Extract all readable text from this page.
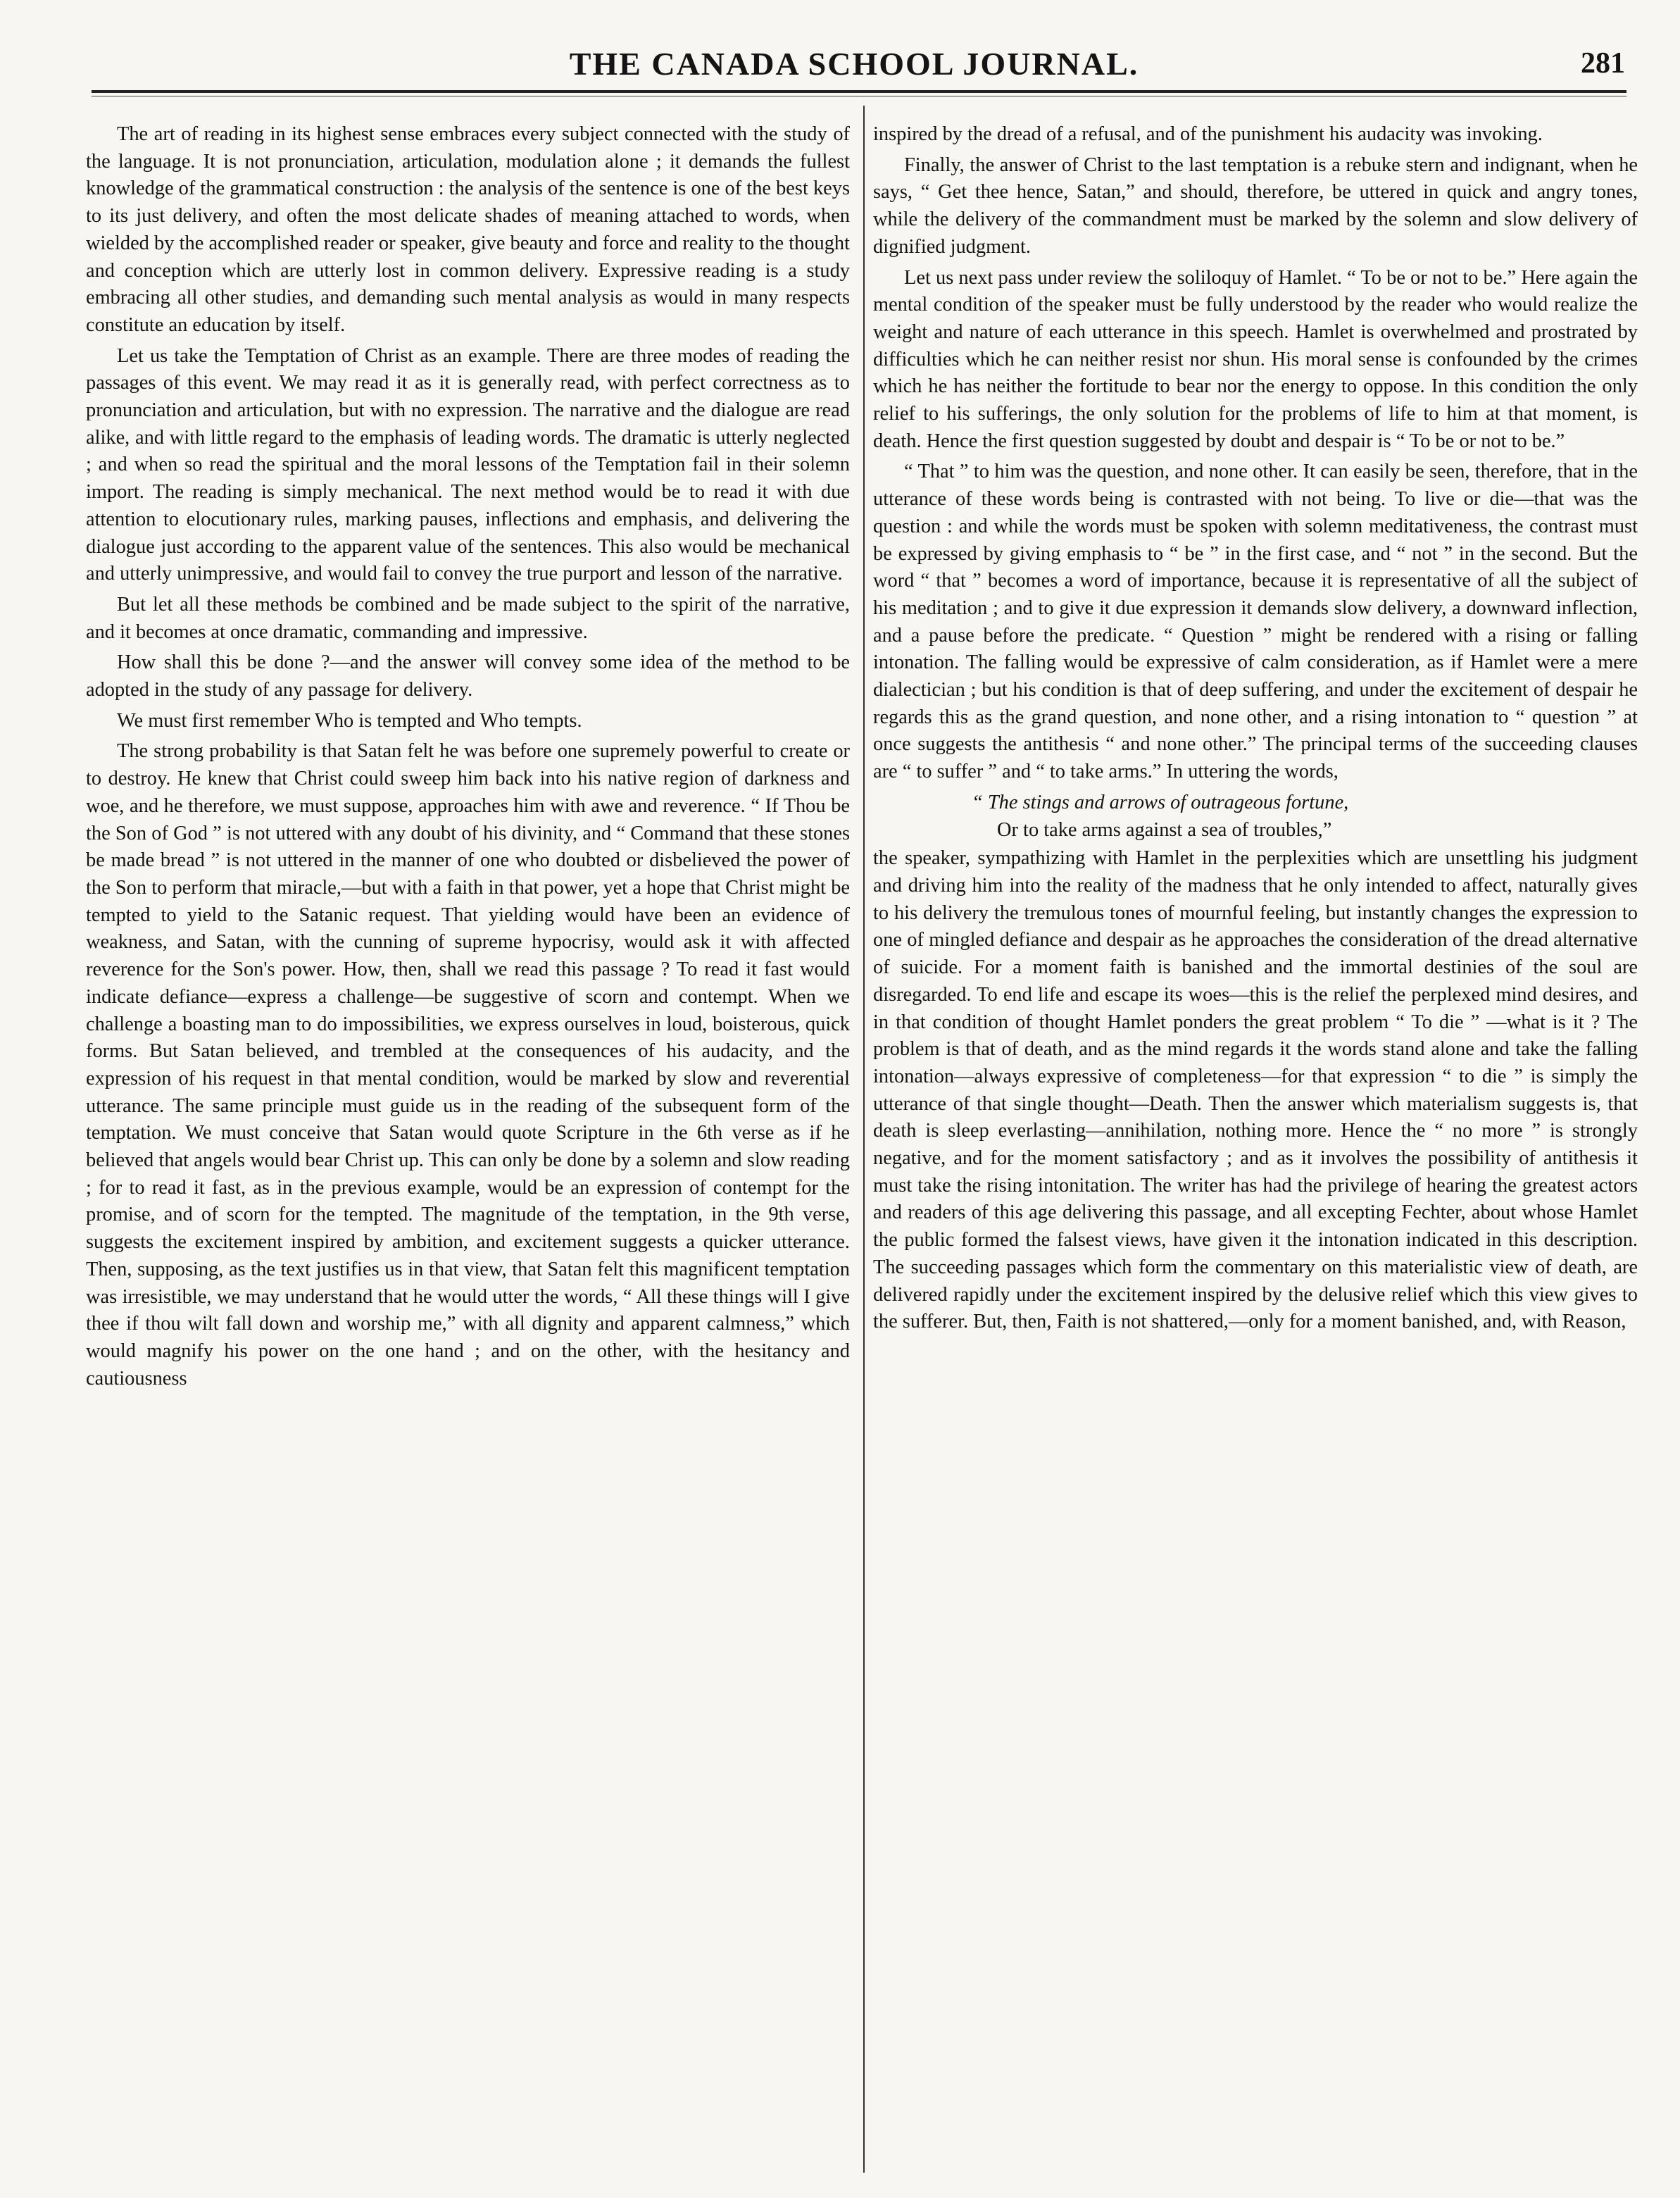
THE CANADA SCHOOL JOURNAL.	281

The art of reading in its highest sense embraces every subject connected with the study of the language. It is not pronunciation, articulation, modulation alone ; it demands the fullest knowledge of the grammatical construction : the analysis of the sentence is one of the best keys to its just delivery, and often the most delicate shades of meaning attached to words, when wielded by the accomplished reader or speaker, give beauty and force and reality to the thought and conception which are utterly lost in common delivery. Expressive reading is a study embracing all other studies, and demanding such mental analysis as would in many respects constitute an education by itself.

Let us take the Temptation of Christ as an example. There are three modes of reading the passages of this event. We may read it as it is generally read, with perfect correctness as to pronunciation and articulation, but with no expression. The narrative and the dialogue are read alike, and with little regard to the emphasis of leading words. The dramatic is utterly neglected ; and when so read the spiritual and the moral lessons of the Temptation fail in their solemn import. The reading is simply mechanical. The next method would be to read it with due attention to elocutionary rules, marking pauses, inflections and emphasis, and delivering the dialogue just according to the apparent value of the sentences. This also would be mechanical and utterly unimpressive, and would fail to convey the true purport and lesson of the narrative.

But let all these methods be combined and be made subject to the spirit of the narrative, and it becomes at once dramatic, commanding and impressive.

How shall this be done ?—and the answer will convey some idea of the method to be adopted in the study of any passage for delivery.

We must first remember Who is tempted and Who tempts.

The strong probability is that Satan felt he was before one supremely powerful to create or to destroy. He knew that Christ could sweep him back into his native region of darkness and woe, and he therefore, we must suppose, approaches him with awe and reverence. “ If Thou be the Son of God ” is not uttered with any doubt of his divinity, and “ Command that these stones be made bread ” is not uttered in the manner of one who doubted or disbelieved the power of the Son to perform that miracle,—but with a faith in that power, yet a hope that Christ might be tempted to yield to the Satanic request. That yielding would have been an evidence of weakness, and Satan, with the cunning of supreme hypocrisy, would ask it with affected reverence for the Son's power. How, then, shall we read this passage ? To read it fast would indicate defiance—express a challenge—be suggestive of scorn and contempt. When we challenge a boasting man to do impossibilities, we express ourselves in loud, boisterous, quick forms. But Satan believed, and trembled at the consequences of his audacity, and the expression of his request in that mental condition, would be marked by slow and reverential utterance. The same principle must guide us in the reading of the subsequent form of the temptation. We must conceive that Satan would quote Scripture in the 6th verse as if he believed that angels would bear Christ up. This can only be done by a solemn and slow reading ; for to read it fast, as in the previous example, would be an expression of contempt for the promise, and of scorn for the tempted. The magnitude of the temptation, in the 9th verse, suggests the excitement inspired by ambition, and excitement suggests a quicker utterance. Then, supposing, as the text justifies us in that view, that Satan felt this magnificent temptation was irresistible, we may understand that he would utter the words, “ All these things will I give thee if thou wilt fall down and worship me,” with all dignity and apparent calmness,” which would magnify his power on the one hand ; and on the other, with the hesitancy and cautiousness

inspired by the dread of a refusal, and of the punishment his audacity was invoking.

Finally, the answer of Christ to the last temptation is a rebuke stern and indignant, when he says, “ Get thee hence, Satan,” and should, therefore, be uttered in quick and angry tones, while the delivery of the commandment must be marked by the solemn and slow delivery of dignified judgment.

Let us next pass under review the soliloquy of Hamlet. “ To be or not to be.” Here again the mental condition of the speaker must be fully understood by the reader who would realize the weight and nature of each utterance in this speech. Hamlet is overwhelmed and prostrated by difficulties which he can neither resist nor shun. His moral sense is confounded by the crimes which he has neither the fortitude to bear nor the energy to oppose. In this condition the only relief to his sufferings, the only solution for the problems of life to him at that moment, is death. Hence the first question suggested by doubt and despair is “ To be or not to be.”

“ That ” to him was the question, and none other. It can easily be seen, therefore, that in the utterance of these words being is contrasted with not being. To live or die—that was the question : and while the words must be spoken with solemn meditativeness, the contrast must be expressed by giving emphasis to “ be ” in the first case, and “ not ” in the second. But the word “ that ” becomes a word of importance, because it is representative of all the subject of his meditation ; and to give it due expression it demands slow delivery, a downward inflection, and a pause before the predicate. “ Question ” might be rendered with a rising or falling intonation. The falling would be expressive of calm consideration, as if Hamlet were a mere dialectician ; but his condition is that of deep suffering, and under the excitement of despair he regards this as the grand question, and none other, and a rising intonation to “ question ” at once suggests the antithesis “ and none other.” The principal terms of the succeeding clauses are “ to suffer ” and “ to take arms.” In uttering the words,

“ The stings and arrows of outrageous fortune,
Or to take arms against a sea of troubles,”

the speaker, sympathizing with Hamlet in the perplexities which are unsettling his judgment and driving him into the reality of the madness that he only intended to affect, naturally gives to his delivery the tremulous tones of mournful feeling, but instantly changes the expression to one of mingled defiance and despair as he approaches the consideration of the dread alternative of suicide. For a moment faith is banished and the immortal destinies of the soul are disregarded. To end life and escape its woes—this is the relief the perplexed mind desires, and in that condition of thought Hamlet ponders the great problem “ To die ” —what is it ? The problem is that of death, and as the mind regards it the words stand alone and take the falling intonation—always expressive of completeness—for that expression “ to die ” is simply the utterance of that single thought—Death. Then the answer which materialism suggests is, that death is sleep everlasting—annihilation, nothing more. Hence the “ no more ” is strongly negative, and for the moment satisfactory ; and as it involves the possibility of antithesis it must take the rising intonitation. The writer has had the privilege of hearing the greatest actors and readers of this age delivering this passage, and all excepting Fechter, about whose Hamlet the public formed the falsest views, have given it the intonation indicated in this description. The succeeding passages which form the commentary on this materialistic view of death, are delivered rapidly under the excitement inspired by the delusive relief which this view gives to the sufferer. But, then, Faith is not shattered,—only for a moment banished, and, with Reason,
